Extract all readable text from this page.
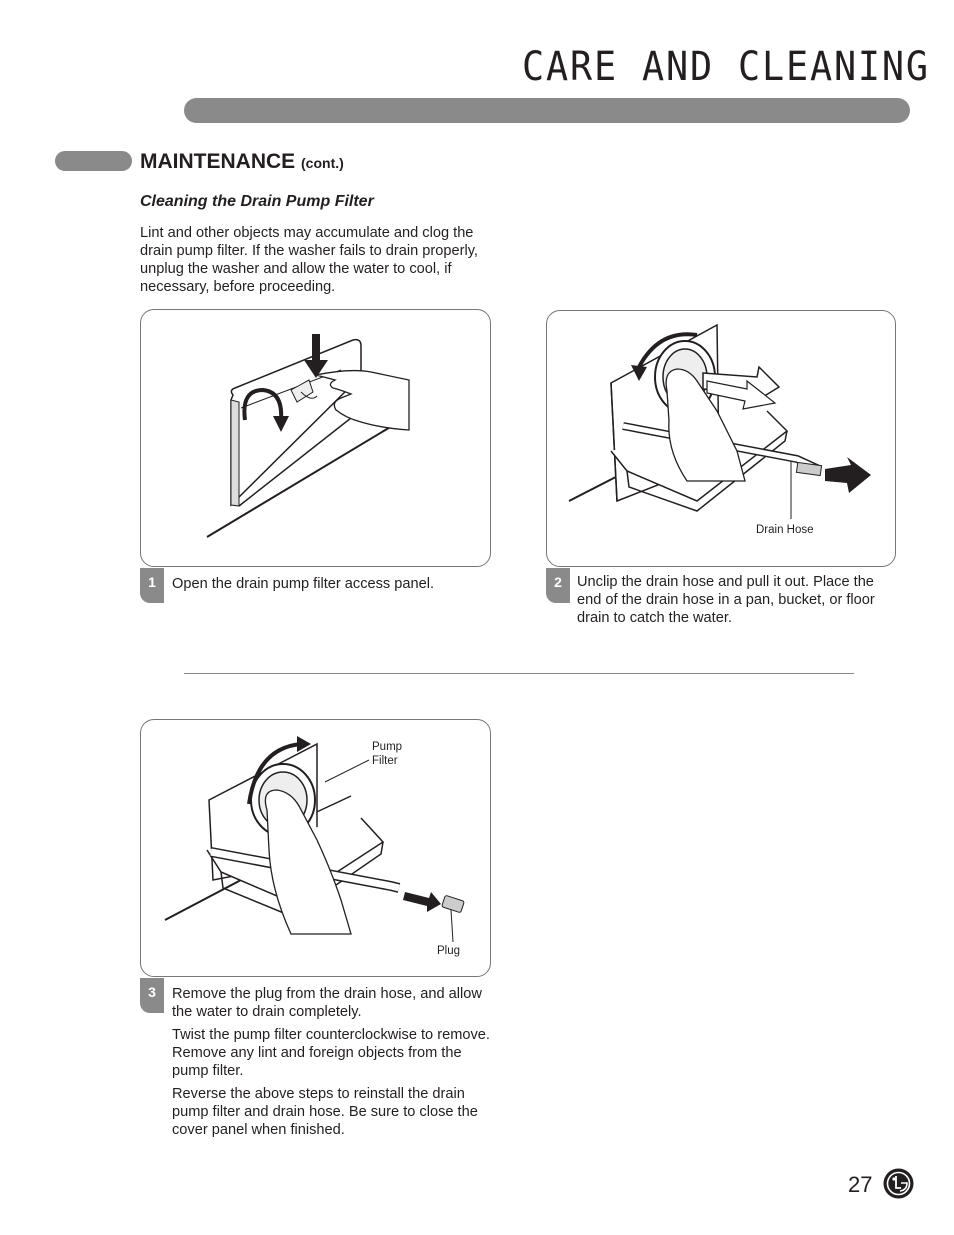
CARE AND CLEANING
MAINTENANCE (cont.)
Cleaning the Drain Pump Filter
Lint and other objects may accumulate and clog the drain pump filter. If the washer fails to drain properly, unplug the washer and allow the water to cool, if necessary, before proceeding.
1	Open the drain pump filter access panel.

Drain Hose
2	Unclip the drain hose and pull it out. Place the end of the drain hose in a pan, bucket, or floor drain to catch the water.

Pump Filter
Plug
3	Remove the plug from the drain hose, and allow the water to drain completely.

Twist the pump filter counterclockwise to remove. Remove any lint and foreign objects from the pump filter.

Reverse the above steps to reinstall the drain pump filter and drain hose. Be sure to close the cover panel when finished.

27
